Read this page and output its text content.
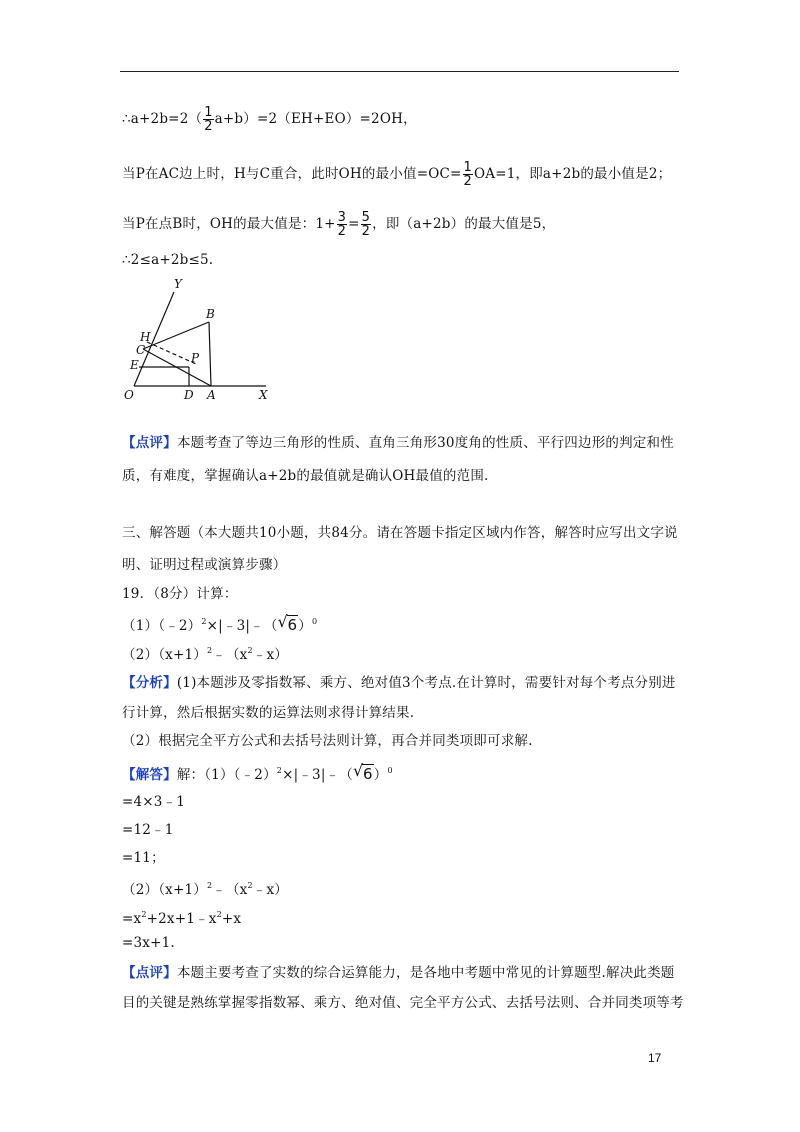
∴a+2b=2（ $\frac{1}{2} a+b)=2(EH+EO)=2OH$，
当P在AC边上时，H与C重合，此时OH的最小值$=OC= \frac{1}{2} OA=1$，即a+2b的最小值是2；
当P在点B时，OH的最大值是：$1+ \frac{3}{2} = \frac{5}{2}$ ，即（a+2b）的最大值是5，
∴2≤a+2b≤5.
Y
B
H
C
P
E
O	D A	X
【点评】本题考查了等边三角形的性质、直角三角形30度角的性质、平行四边形的判定和性
质，有难度，掌握确认a+2b的最值就是确认OH最值的范围.
三、解答题（本大题共10小题，共84分。请在答题卡指定区域内作答，解答时应写出文字说
明、证明过程或演算步骤）
19．（8分）计算：
（1）（﹣2）$^2$×|﹣3|﹣（ √ 6）$^0$
$(2)(x+1)^2﹣(x^2﹣x)$
【分析】(1)本题涉及零指数幂、乘方、绝对值3个考点.在计算时，需要针对每个考点分别进
行计算，然后根据实数的运算法则求得计算结果.
（2）根据完全平方公式和去括号法则计算，再合并同类项即可求解.
【解答】解：（1）（﹣2）$^2$×|﹣3|﹣（ √ 6）$^0$
=4×3﹣1
=12﹣1
=11；
$(2)(x+1)^2﹣(x^2﹣x)$
$=x^2+2x+1﹣x^2+x$
=3x+1.
【点评】本题主要考查了实数的综合运算能力，是各地中考题中常见的计算题型.解决此类题
目的关键是熟练掌握零指数幂、乘方、绝对值、完全平方公式、去括号法则、合并同类项等考
17
